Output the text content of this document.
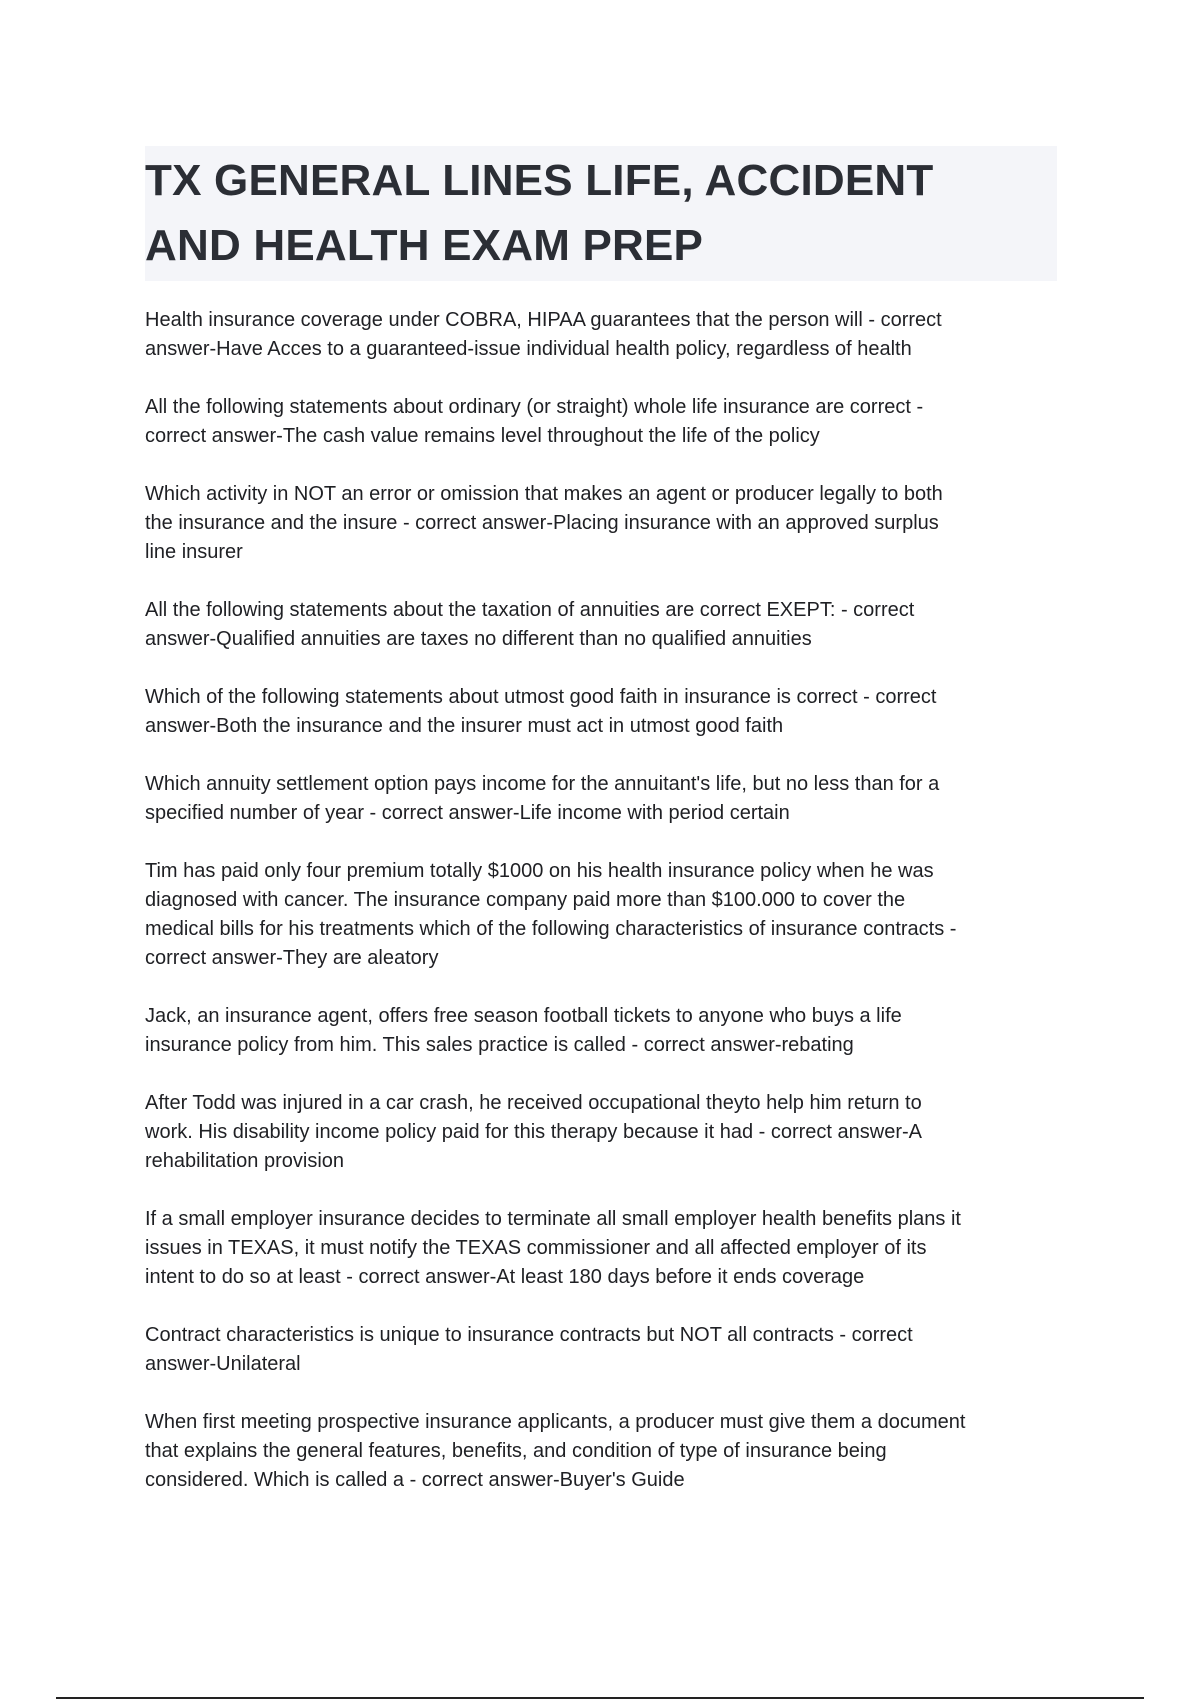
TX GENERAL LINES LIFE, ACCIDENT
AND HEALTH EXAM PREP

Health insurance coverage under COBRA, HIPAA guarantees that the person will - correct
answer-Have Acces to a guaranteed-issue individual health policy, regardless of health

All the following statements about ordinary (or straight) whole life insurance are correct -
correct answer-The cash value remains level throughout the life of the policy

Which activity in NOT an error or omission that makes an agent or producer legally to both
the insurance and the insure - correct answer-Placing insurance with an approved surplus
line insurer

All the following statements about the taxation of annuities are correct EXEPT: - correct
answer-Qualified annuities are taxes no different than no qualified annuities

Which of the following statements about utmost good faith in insurance is correct - correct
answer-Both the insurance and the insurer must act in utmost good faith

Which annuity settlement option pays income for the annuitant's life, but no less than for a
specified number of year - correct answer-Life income with period certain

Tim has paid only four premium totally $1000 on his health insurance policy when he was
diagnosed with cancer. The insurance company paid more than $100.000 to cover the
medical bills for his treatments which of the following characteristics of insurance contracts -
correct answer-They are aleatory

Jack, an insurance agent, offers free season football tickets to anyone who buys a life
insurance policy from him. This sales practice is called - correct answer-rebating

After Todd was injured in a car crash, he received occupational theyto help him return to
work. His disability income policy paid for this therapy because it had - correct answer-A
rehabilitation provision

If a small employer insurance decides to terminate all small employer health benefits plans it
issues in TEXAS, it must notify the TEXAS commissioner and all affected employer of its
intent to do so at least - correct answer-At least 180 days before it ends coverage

Contract characteristics is unique to insurance contracts but NOT all contracts - correct
answer-Unilateral

When first meeting prospective insurance applicants, a producer must give them a document
that explains the general features, benefits, and condition of type of insurance being
considered. Which is called a - correct answer-Buyer's Guide
